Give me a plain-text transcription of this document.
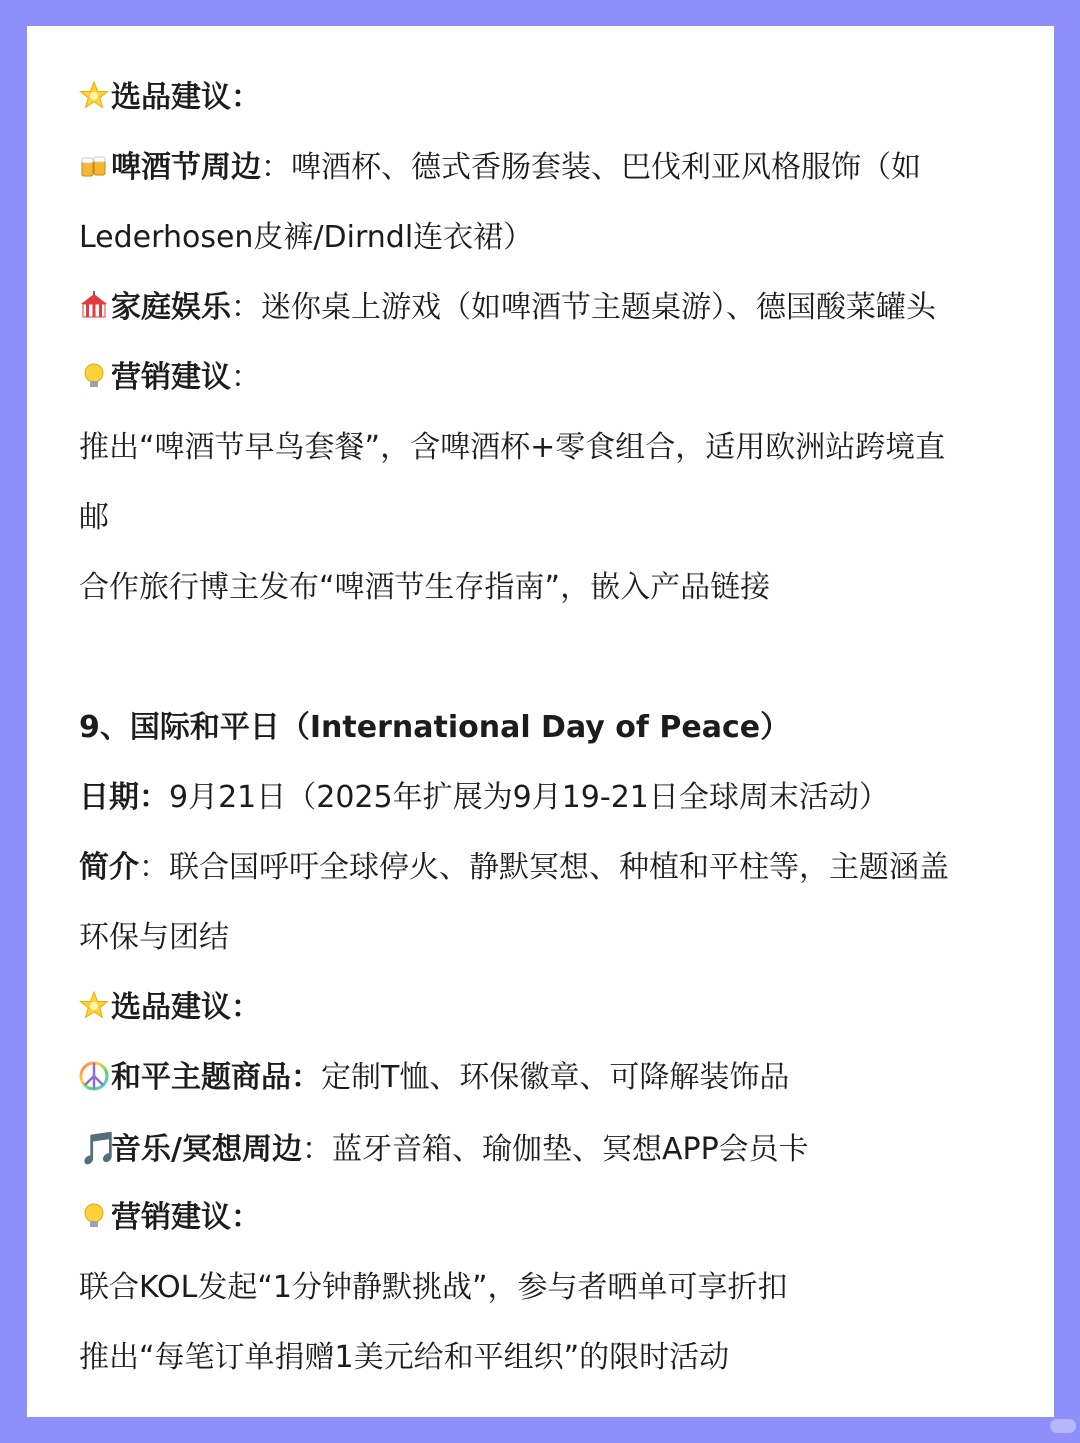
选品建议：
啤酒节周边：啤酒杯、德式香肠套装、巴伐利亚风格服饰（如
Lederhosen皮裤/Dirndl连衣裙）
家庭娱乐：迷你桌上游戏（如啤酒节主题桌游）、德国酸菜罐头
营销建议：
推出“啤酒节早鸟套餐”，含啤酒杯+零食组合，适用欧洲站跨境直
邮
合作旅行博主发布“啤酒节生存指南”，嵌入产品链接
9、国际和平日（International Day of Peace）
日期：9月21日（2025年扩展为9月19-21日全球周末活动）
简介：联合国呼吁全球停火、静默冥想、种植和平柱等，主题涵盖
环保与团结
选品建议：
和平主题商品：定制T恤、环保徽章、可降解装饰品
🎵音乐/冥想周边：蓝牙音箱、瑜伽垫、冥想APP会员卡
营销建议：
联合KOL发起“1分钟静默挑战”，参与者晒单可享折扣
推出“每笔订单捐赠1美元给和平组织”的限时活动
